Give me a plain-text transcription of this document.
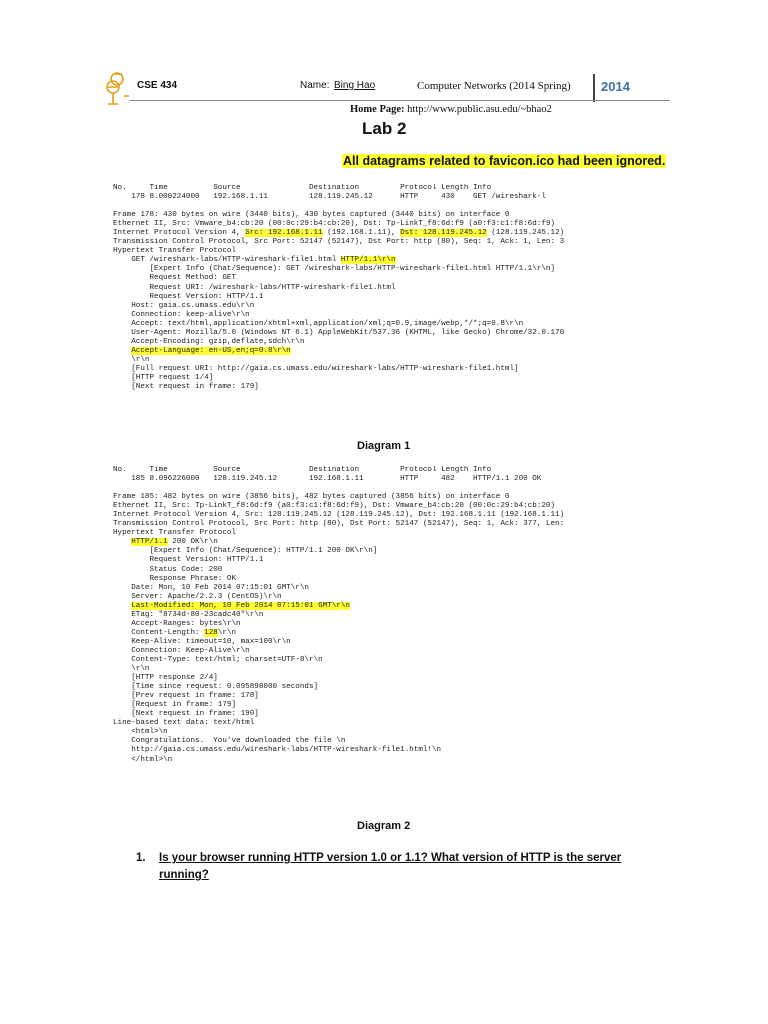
CSE 434	Name: Bing Hao	Computer Networks (2014 Spring) 2014
Home Page: http://www.public.asu.edu/~bhao2
Lab 2
All datagrams related to favicon.ico had been ignored.
No.     Time          Source               Destination         Protocol Length Info
178 8.000224000   192.168.1.11         128.119.245.12      HTTP     430    GET /wireshark-l
Frame 178: 430 bytes on wire (3440 bits), 430 bytes captured (3440 bits) on interface 0
Ethernet II, Src: Vmware_b4:cb:20 (00:0c:29:b4:cb:20), Dst: Tp-LinkT_f8:6d:f9 (a0:f3:c1:f8:6d:f9)
Internet Protocol Version 4, Src: 192.168.1.11 (192.168.1.11), Dst: 128.119.245.12 (128.119.245.12)
Transmission Control Protocol, Src Port: 52147 (52147), Dst Port: http (80), Seq: 1, Ack: 1, Len: 3
Hypertext Transfer Protocol
GET /wireshark-labs/HTTP-wireshark-file1.html HTTP/1.1\r\n
[Expert Info (Chat/Sequence): GET /wireshark-labs/HTTP-wireshark-file1.html HTTP/1.1\r\n]
Request Method: GET
Request URI: /wireshark-labs/HTTP-wireshark-file1.html
Request Version: HTTP/1.1
Host: gaia.cs.umass.edu\r\n
Connection: keep-alive\r\n
Accept: text/html,application/xhtml+xml,application/xml;q=0.9,image/webp,*/*;q=0.8\r\n
User-Agent: Mozilla/5.0 (Windows NT 6.1) AppleWebKit/537.36 (KHTML, like Gecko) Chrome/32.0.170
Accept-Encoding: gzip,deflate,sdch\r\n
Accept-Language: en-US,en;q=0.8\r\n
\r\n
[Full request URI: http://gaia.cs.umass.edu/wireshark-labs/HTTP-wireshark-file1.html]
[HTTP request 1/4]
[Next request in frame: 179]
Diagram 1
No.     Time          Source               Destination         Protocol Length Info
185 8.096226000   128.119.245.12       192.168.1.11        HTTP     482    HTTP/1.1 200 OK
Frame 185: 482 bytes on wire (3856 bits), 482 bytes captured (3856 bits) on interface 0
Ethernet II, Src: Tp-LinkT_f8:6d:f9 (a0:f3:c1:f8:6d:f9), Dst: Vmware_b4:cb:20 (00:0c:29:b4:cb:20)
Internet Protocol Version 4, Src: 128.119.245.12 (128.119.245.12), Dst: 192.168.1.11 (192.168.1.11)
Transmission Control Protocol, Src Port: http (80), Dst Port: 52147 (52147), Seq: 1, Ack: 377, Len:
Hypertext Transfer Protocol
HTTP/1.1 200 OK\r\n
[Expert Info (Chat/Sequence): HTTP/1.1 200 OK\r\n]
Request Version: HTTP/1.1
Status Code: 200
Response Phrase: OK
Date: Mon, 10 Feb 2014 07:15:01 GMT\r\n
Server: Apache/2.2.3 (CentOS)\r\n
Last-Modified: Mon, 10 Feb 2014 07:15:01 GMT\r\n
ETag: "8734d-80-23cadc40"\r\n
Accept-Ranges: bytes\r\n
Content-Length: 128\r\n
Keep-Alive: timeout=10, max=100\r\n
Connection: Keep-Alive\r\n
Content-Type: text/html; charset=UTF-8\r\n
\r\n
[HTTP response 2/4]
[Time since request: 0.095898000 seconds]
[Prev request in frame: 178]
[Request in frame: 179]
[Next request in frame: 190]
Line-based text data: text/html
<html>\n
Congratulations.  You've downloaded the file \n
http://gaia.cs.umass.edu/wireshark-labs/HTTP-wireshark-file1.html!\n
</html>\n
Diagram 2
1. Is your browser running HTTP version 1.0 or 1.1? What version of HTTP is the server running?
